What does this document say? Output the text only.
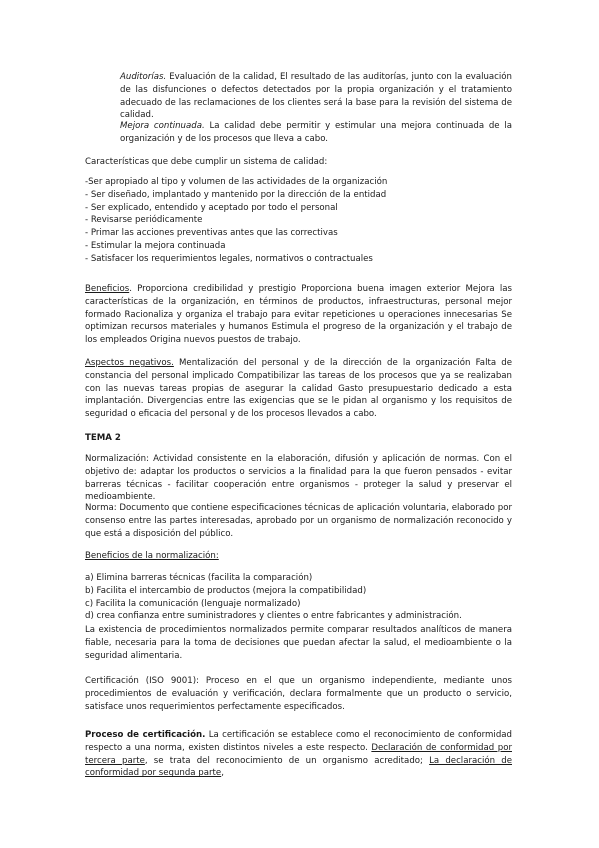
Auditorías. Evaluación de la calidad, El resultado de las auditorías, junto con la evaluación de las disfunciones o defectos detectados por la propia organización y el tratamiento adecuado de las reclamaciones de los clientes será la base para la revisión del sistema de calidad.

Mejora continuada. La calidad debe permitir y estimular una mejora continuada de la organización y de los procesos que lleva a cabo.

Características que debe cumplir un sistema de calidad:

-Ser apropiado al tipo y volumen de las actividades de la organización
- Ser diseñado, implantado y mantenido por la dirección de la entidad
- Ser explicado, entendido y aceptado por todo el personal
- Revisarse periódicamente
- Primar las acciones preventivas antes que las correctivas
- Estimular la mejora continuada
- Satisfacer los requerimientos legales, normativos o contractuales

Beneficios. Proporciona credibilidad y prestigio Proporciona buena imagen exterior Mejora las características de la organización, en términos de productos, infraestructuras, personal mejor formado Racionaliza y organiza el trabajo para evitar repeticiones u operaciones innecesarias Se optimizan recursos materiales y humanos Estimula el progreso de la organización y el trabajo de los empleados Origina nuevos puestos de trabajo.

Aspectos negativos. Mentalización del personal y de la dirección de la organización Falta de constancia del personal implicado Compatibilizar las tareas de los procesos que ya se realizaban con las nuevas tareas propias de asegurar la calidad Gasto presupuestario dedicado a esta implantación. Divergencias entre las exigencias que se le pidan al organismo y los requisitos de seguridad o eficacia del personal y de los procesos llevados a cabo.

TEMA 2

Normalización: Actividad consistente en la elaboración, difusión y aplicación de normas. Con el objetivo de: adaptar los productos o servicios a la finalidad para la que fueron pensados - evitar barreras técnicas - facilitar cooperación entre organismos - proteger la salud y preservar el medioambiente.

Norma: Documento que contiene especificaciones técnicas de aplicación voluntaria, elaborado por consenso entre las partes interesadas, aprobado por un organismo de normalización reconocido y que está a disposición del público.

Beneficios de la normalización:

a) Elimina barreras técnicas (facilita la comparación)
b) Facilita el intercambio de productos (mejora la compatibilidad)
c) Facilita la comunicación (lenguaje normalizado)
d) crea confianza entre suministradores y clientes o entre fabricantes y administración.

La existencia de procedimientos normalizados permite comparar resultados analíticos de manera fiable, necesaria para la toma de decisiones que puedan afectar la salud, el medioambiente o la seguridad alimentaria.

Certificación (ISO 9001): Proceso en el que un organismo independiente, mediante unos procedimientos de evaluación y verificación, declara formalmente que un producto o servicio, satisface unos requerimientos perfectamente especificados.

Proceso de certificación. La certificación se establece como el reconocimiento de conformidad respecto a una norma, existen distintos niveles a este respecto. Declaración de conformidad por tercera parte, se trata del reconocimiento de un organismo acreditado; La declaración de conformidad por segunda parte,
